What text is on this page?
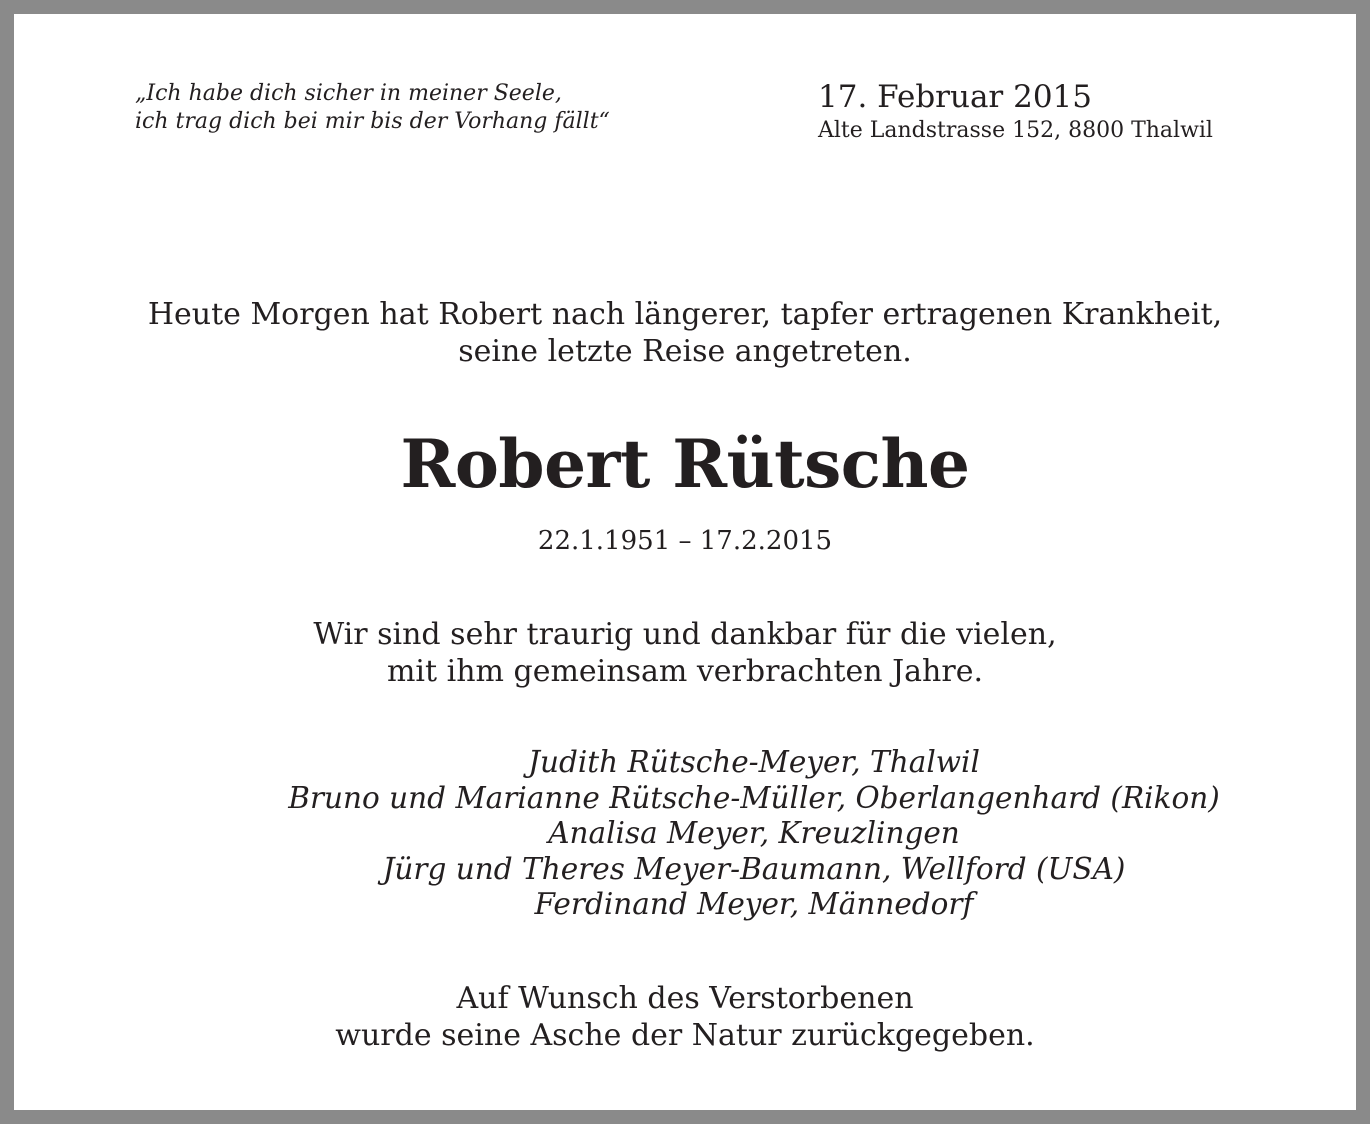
„Ich habe dich sicher in meiner Seele,
ich trag dich bei mir bis der Vorhang fällt“
17. Februar 2015
Alte Landstrasse 152, 8800 Thalwil
Heute Morgen hat Robert nach längerer, tapfer ertragenen Krankheit,
seine letzte Reise angetreten.
Robert Rütsche
22.1.1951 – 17.2.2015
Wir sind sehr traurig und dankbar für die vielen,
mit ihm gemeinsam verbrachten Jahre.
Judith Rütsche-Meyer, Thalwil
Bruno und Marianne Rütsche-Müller, Oberlangenhard (Rikon)
Analisa Meyer, Kreuzlingen
Jürg und Theres Meyer-Baumann, Wellford (USA)
Ferdinand Meyer, Männedorf
Auf Wunsch des Verstorbenen
wurde seine Asche der Natur zurückgegeben.
